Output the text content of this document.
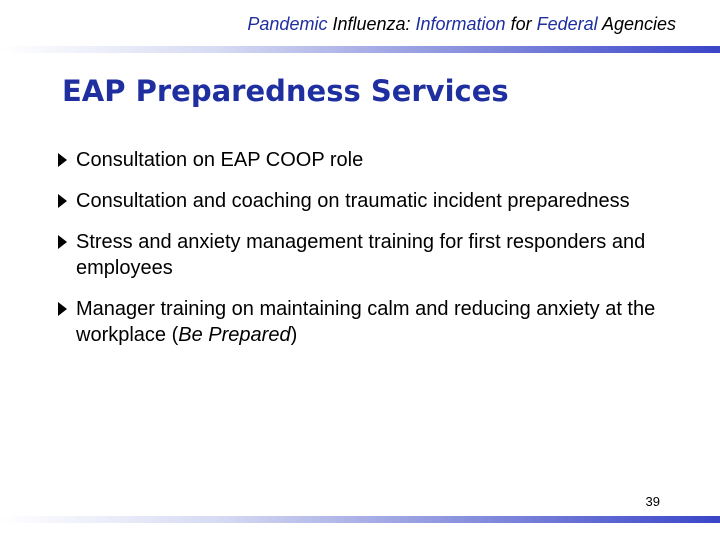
Pandemic Influenza: Information for Federal Agencies
EAP Preparedness Services
Consultation on EAP COOP role
Consultation and coaching on traumatic incident preparedness
Stress and anxiety management training for first responders and employees
Manager training on maintaining calm and reducing anxiety at the workplace (Be Prepared)
39
